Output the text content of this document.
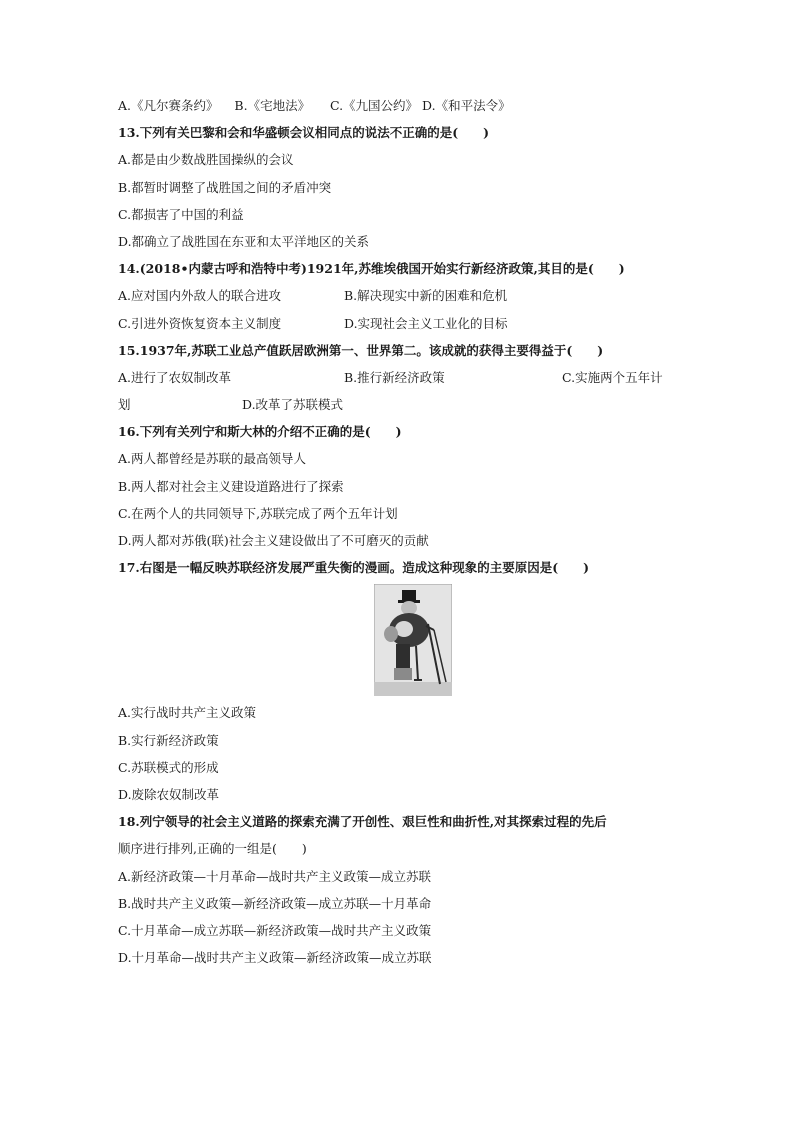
A.《凡尔赛条约》 B.《宅地法》 C.《九国公约》 D.《和平法令》
13.下列有关巴黎和会和华盛顿会议相同点的说法不正确的是(　　)
A.都是由少数战胜国操纵的会议
B.都暂时调整了战胜国之间的矛盾冲突
C.都损害了中国的利益
D.都确立了战胜国在东亚和太平洋地区的关系
14.(2018•内蒙古呼和浩特中考)1921年,苏维埃俄国开始实行新经济政策,其目的是(　　)
A.应对国内外敌人的联合进攻	B.解决现实中新的困难和危机
C.引进外资恢复资本主义制度	D.实现社会主义工业化的目标
15.1937年,苏联工业总产值跃居欧洲第一、世界第二。该成就的获得主要得益于(　　)
A.进行了农奴制改革	B.推行新经济政策	C.实施两个五年计
划	D.改革了苏联模式
16.下列有关列宁和斯大林的介绍不正确的是(　　)
A.两人都曾经是苏联的最高领导人
B.两人都对社会主义建设道路进行了探索
C.在两个人的共同领导下,苏联完成了两个五年计划
D.两人都对苏俄(联)社会主义建设做出了不可磨灭的贡献
17.右图是一幅反映苏联经济发展严重失衡的漫画。造成这种现象的主要原因是(　　)
A.实行战时共产主义政策
B.实行新经济政策
C.苏联模式的形成
D.废除农奴制改革
18.列宁领导的社会主义道路的探索充满了开创性、艰巨性和曲折性,对其探索过程的先后
顺序进行排列,正确的一组是(　　)
A.新经济政策—十月革命—战时共产主义政策—成立苏联
B.战时共产主义政策—新经济政策—成立苏联—十月革命
C.十月革命—成立苏联—新经济政策—战时共产主义政策
D.十月革命—战时共产主义政策—新经济政策—成立苏联
